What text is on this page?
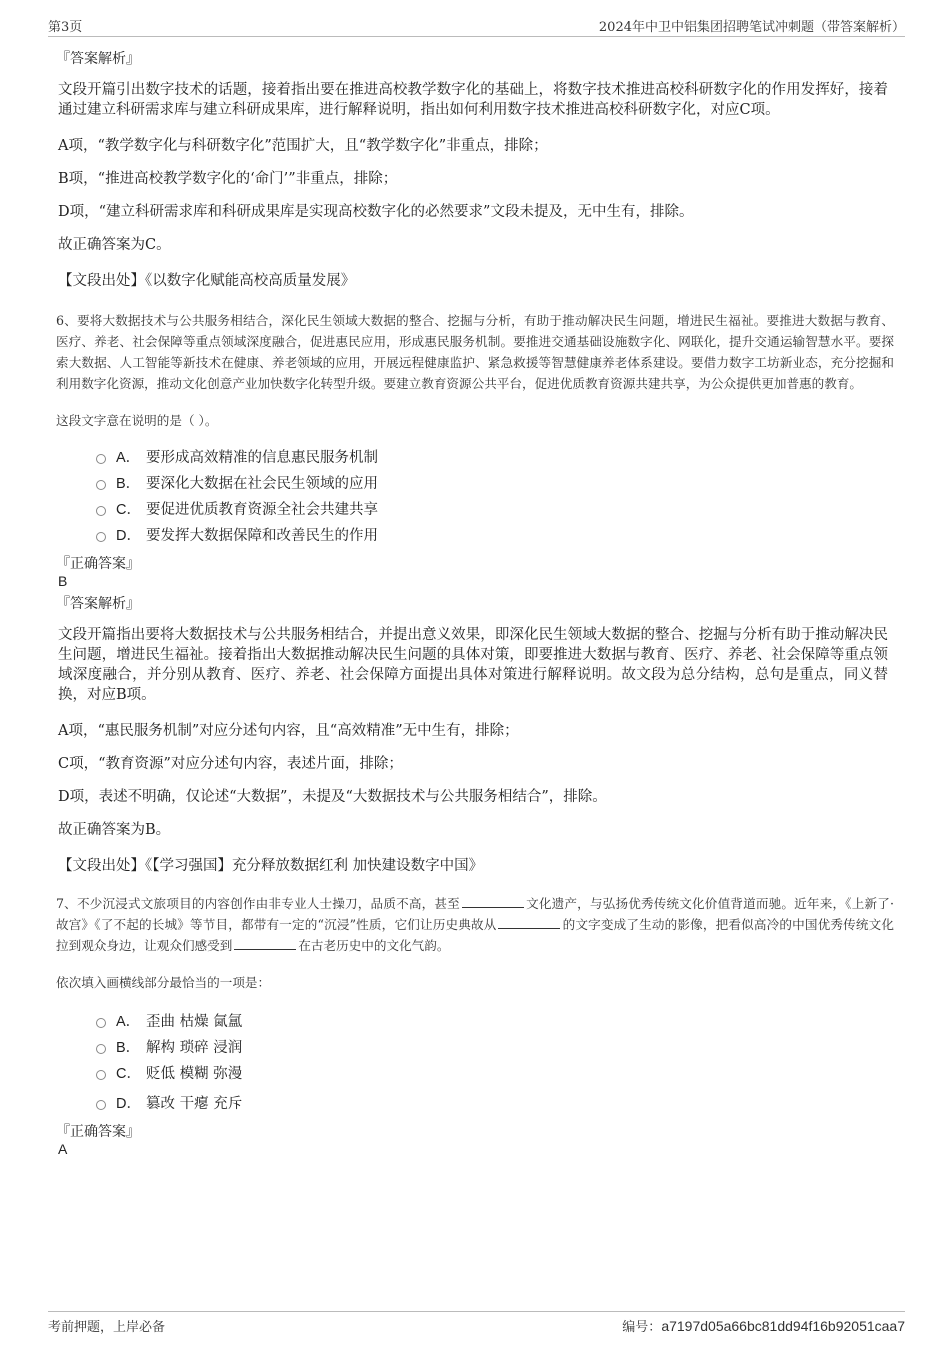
第3页	2024年中卫中铝集团招聘笔试冲刺题（带答案解析）
『答案解析』
文段开篇引出数字技术的话题，接着指出要在推进高校教学数字化的基础上，将数字技术推进高校科研数字化的作用发挥好，接着通过建立科研需求库与建立科研成果库，进行解释说明，指出如何利用数字技术推进高校科研数字化，对应C项。
A项，“教学数字化与科研数字化”范围扩大，且“教学数字化”非重点，排除；
B项，“推进高校教学数字化的‘命门’”非重点，排除；
D项，“建立科研需求库和科研成果库是实现高校数字化的必然要求”文段未提及，无中生有，排除。
故正确答案为C。
【文段出处】《以数字化赋能高校高质量发展》
6、要将大数据技术与公共服务相结合，深化民生领域大数据的整合、挖掘与分析，有助于推动解决民生问题，增进民生福祉。要推进大数据与教育、医疗、养老、社会保障等重点领域深度融合，促进惠民应用，形成惠民服务机制。要推进交通基础设施数字化、网联化，提升交通运输智慧水平。要探索大数据、人工智能等新技术在健康、养老领域的应用，开展远程健康监护、紧急救援等智慧健康养老体系建设。要借力数字工坊新业态，充分挖掘和利用数字化资源，推动文化创意产业加快数字化转型升级。要建立教育资源公共平台，促进优质教育资源共建共享，为公众提供更加普惠的教育。
这段文字意在说明的是（ ）。
A． 要形成高效精准的信息惠民服务机制
B． 要深化大数据在社会民生领域的应用
C． 要促进优质教育资源全社会共建共享
D． 要发挥大数据保障和改善民生的作用
『正确答案』
B
『答案解析』
文段开篇指出要将大数据技术与公共服务相结合，并提出意义效果，即深化民生领域大数据的整合、挖掘与分析有助于推动解决民生问题，增进民生福祉。接着指出大数据推动解决民生问题的具体对策，即要推进大数据与教育、医疗、养老、社会保障等重点领域深度融合，并分别从教育、医疗、养老、社会保障方面提出具体对策进行解释说明。故文段为总分结构，总句是重点，同义替换，对应B项。
A项，“惠民服务机制”对应分述句内容，且“高效精准”无中生有，排除；
C项，“教育资源”对应分述句内容，表述片面，排除；
D项，表述不明确，仅论述“大数据”，未提及“大数据技术与公共服务相结合”，排除。
故正确答案为B。
【文段出处】《【学习强国】充分释放数据红利 加快建设数字中国》
7、不少沉浸式文旅项目的内容创作由非专业人士操刀，品质不高，甚至	文化遗产，与弘扬优秀传统文化价值背道而驰。近年来，《上新了·故宫》《了不起的长城》等节目，都带有一定的“沉浸”性质，它们让历史典故从	的文字变成了生动的影像，把看似高冷的中国优秀传统文化拉到观众身边，让观众们感受到	在古老历史中的文化气韵。
依次填入画横线部分最恰当的一项是：
A． 歪曲 枯燥 氤氲
B． 解构 琐碎 浸润
C． 贬低 模糊 弥漫
D． 篡改 干瘪 充斥
『正确答案』
A
考前押题，上岸必备	编号：a7197d05a66bc81dd94f16b92051caa7
